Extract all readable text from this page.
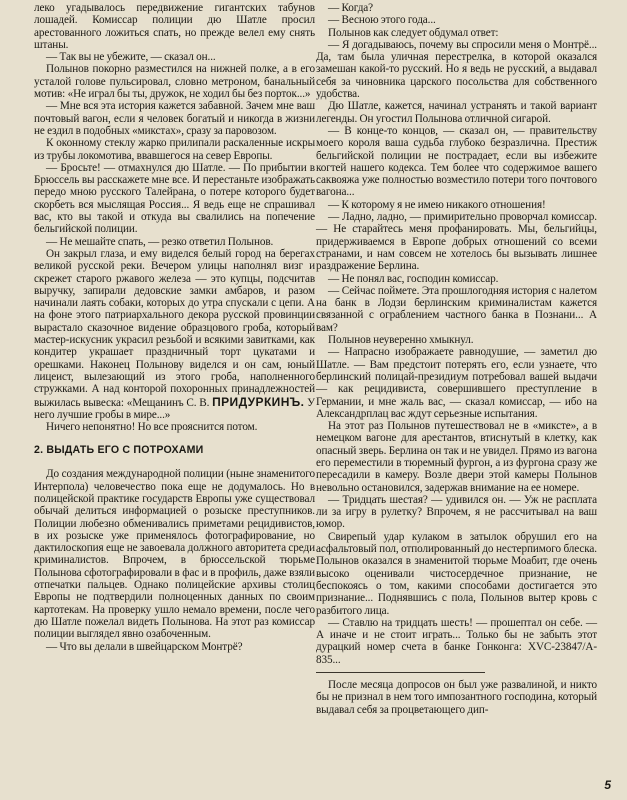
леко угадывалось передвижение гигантских табунов лошадей. Комиссар полиции дю Шатле просил арестованного ложиться спать, но прежде велел ему снять штаны.

— Так вы не убежите, — сказал он...

Полынов покорно разместился на нижней полке, а в его усталой голове пульсировал, словно метроном, банальный мотив: «Не играл бы ты, дружок, не ходил бы без порток...»

— Мне вся эта история кажется забавной. Зачем мне ваш почтовый вагон, если я человек богатый и никогда в жизни не ездил в подобных «микстах», сразу за паровозом.

К оконному стеклу жарко прилипали раскаленные искры из трубы локомотива, ввавшегося на север Европы.

— Бросьте! — отмахнулся дю Шатле. — По прибытии в Брюссель вы расскажете мне все. И перестаньте изображать передо мною русского Талейрана, о потере которого будет скорбеть вся мыслящая Россия... Я ведь еще не спрашивал вас, кто вы такой и откуда вы свалились на попечение бельгийской полиции.

— Не мешайте спать, — резко ответил Полынов.

Он закрыл глаза, и ему виделся белый город на берегах великой русской реки. Вечером улицы наполнял визг и скрежет старого ржавого железа — это купцы, подсчитав выручку, запирали дедовские замки амбаров, и разом начинали лаять собаки, которых до утра спускали с цепи. А на фоне этого патриархального декора русской провинции вырастало сказочное видение образцового гроба, который мастер-искусник украсил резьбой и всякими завитками, как кондитер украшает праздничный торт цукатами и орешками. Наконец Полынову виделся и он сам, юный лицеист, вылезающий из этого гроба, наполненного стружками. А над конторой похоронных принадлежностей выжилась вывеска: «Мещанинъ С. В. ПРИДУРКИНЪ. У него лучшие гробы в мире...»

Ничего непонятно! Но все прояснится потом.

2. ВЫДАТЬ ЕГО С ПОТРОХАМИ

До создания международной полиции (ныне знаменитого Интерпола) человечество пока еще не додумалось. Но в полицейской практике государств Европы уже существовал обычай делиться информацией о розыске преступников. Полиции любезно обменивались приметами рецидивистов, в их розыске уже применялось фотографирование, но дактилоскопия еще не завоевала должного авторитета среди криминалистов. Впрочем, в брюссельской тюрьме Полынова сфотографировали в фас и в профиль, даже взяли отпечатки пальцев. Однако полицейские архивы столиц Европы не подтвердили полноценных данных по своим картотекам. На проверку ушло немало времени, после чего дю Шатле пожелал видеть Полынова. На этот раз комиссар полиции выглядел явно озабоченным.

— Что вы делали в швейцарском Монтрё?

— Когда?

— Весною этого года...

Полынов как следует обдумал ответ:

— Я догадываюсь, почему вы спросили меня о Монтрё... Да, там была уличная перестрелка, в которой оказался замешан какой-то русский. Но я ведь не русский, а выдавал себя за чиновника царского посольства для собственного удобства.

Дю Шатле, кажется, начинал устранять и такой вариант легенды. Он угостил Полынова отличной сигарой.

— В конце-то концов, — сказал он, — правительству моего короля ваша судьба глубоко безразлична. Престиж бельгийской полиции не пострадает, если вы избежите когтей нашего кодекса. Тем более что содержимое вашего саквояжа уже полностью возместило потери того почтового вагона...

— К которому я не имею никакого отношения!

— Ладно, ладно, — примирительно проворчал комиссар. — Не старайтесь меня профанировать. Мы, бельгийцы, придерживаемся в Европе добрых отношений со всеми странами, и нам совсем не хотелось бы вызывать лишнее раздражение Берлина.

— Не понял вас, господин комиссар.

— Сейчас поймете. Эта прошлогодняя история с налетом на банк в Лодзи берлинским криминалистам кажется связанной с ограблением частного банка в Познани... А вам?

Полынов неуверенно хмыкнул.

— Напрасно изображаете равнодушие, — заметил дю Шатле. — Вам предстоит потерять его, если узнаете, что берлинский полицай-президиум потребовал вашей выдачи — как рецидивиста, совершившего преступление в Германии, и мне жаль вас, — сказал комиссар, — ибо на Александрплац вас ждут серьезные испытания.

На этот раз Полынов путешествовал не в «микстe», а в немецком вагоне для арестантов, втиснутый в клетку, как опасный зверь. Берлина он так и не увидел. Прямо из вагона его переместили в тюремный фургон, а из фургона сразу же пересадили в камеру. Возле двери этой камеры Полынов невольно остановился, задержав внимание на ее номере.

— Тридцать шестая? — удивился он. — Уж не расплата ли за игру в рулетку? Впрочем, я не рассчитывал на ваш юмор.

Свирепый удар кулаком в затылок обрушил его на асфальтовый пол, отполированный до нестерпимого блеска. Полынов оказался в знаменитой тюрьме Моабит, где очень высоко оценивали чистосердечное признание, не беспокоясь о том, какими способами достигается это признание... Поднявшись с пола, Полынов вытер кровь с разбитого лица.

— Ставлю на тридцать шесть! — прошептал он себе. — А иначе и не стоит играть... Только бы не забыть этот дурацкий номер счета в банке Гонконга: XVC-23847/A-835...

После месяца допросов он был уже развалиной, и никто бы не признал в нем того импозантного господина, который выдавал себя за процветающего дип-

5
